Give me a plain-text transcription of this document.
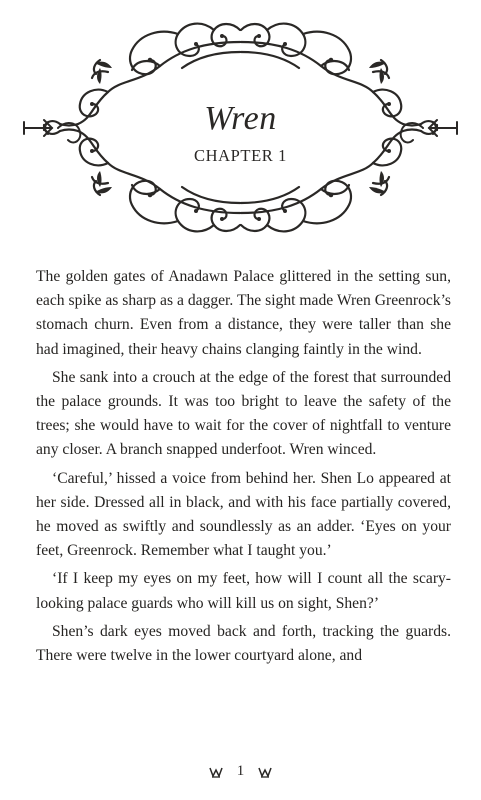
Wren
CHAPTER 1

The golden gates of Anadawn Palace glittered in the setting sun, each spike as sharp as a dagger. The sight made Wren Greenrock’s stomach churn. Even from a distance, they were taller than she had imagined, their heavy chains clanging faintly in the wind.

She sank into a crouch at the edge of the forest that surrounded the palace grounds. It was too bright to leave the safety of the trees; she would have to wait for the cover of nightfall to venture any closer. A branch snapped underfoot. Wren winced.

‘Careful,’ hissed a voice from behind her. Shen Lo appeared at her side. Dressed all in black, and with his face partially covered, he moved as swiftly and soundlessly as an adder. ‘Eyes on your feet, Greenrock. Remember what I taught you.’

‘If I keep my eyes on my feet, how will I count all the scary-looking palace guards who will kill us on sight, Shen?’

Shen’s dark eyes moved back and forth, tracking the guards. There were twelve in the lower courtyard alone, and

1
